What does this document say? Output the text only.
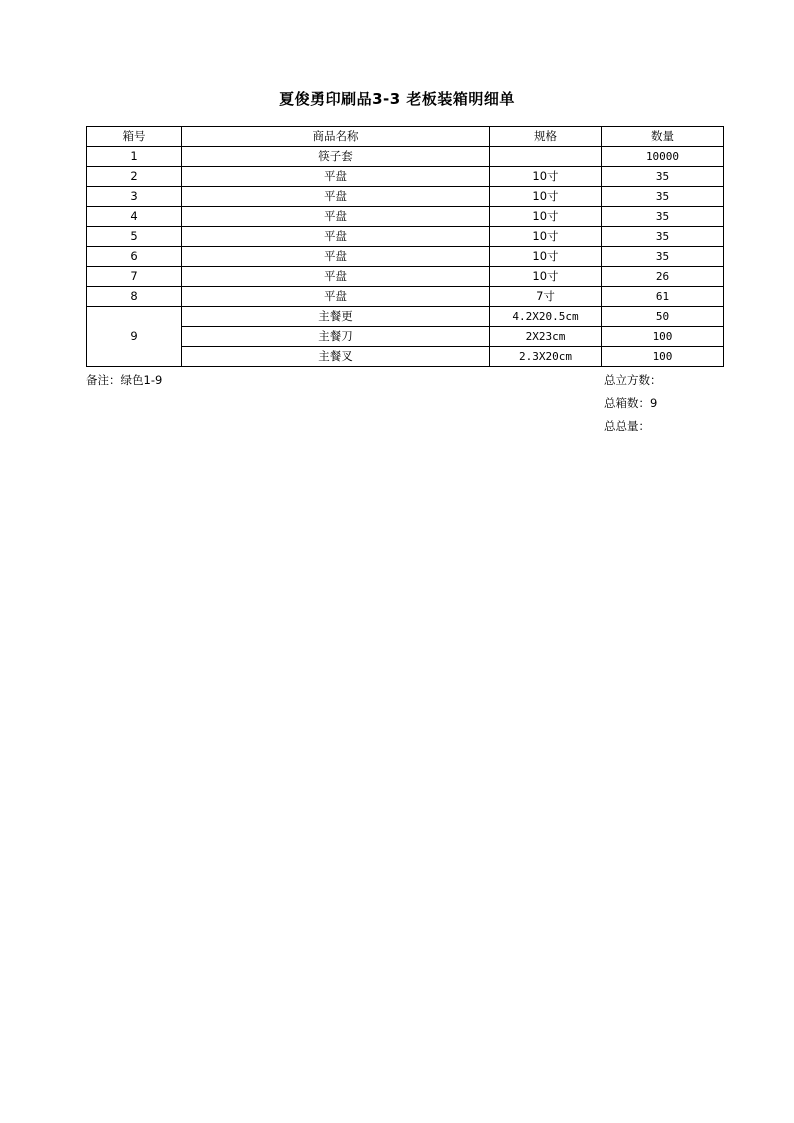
夏俊勇印刷品3-3 老板装箱明细单
箱号	商品名称	规格	数量
1	筷子套		10000
2	平盘	10寸	35
3	平盘	10寸	35
4	平盘	10寸	35
5	平盘	10寸	35
6	平盘	10寸	35
7	平盘	10寸	26
8	平盘	7寸	61
9	主餐更	4.2X20.5cm	50
	主餐刀	2X23cm	100
	主餐叉	2.3X20cm	100
备注：绿色1-9	总立方数：
总箱数：9
总总量：
